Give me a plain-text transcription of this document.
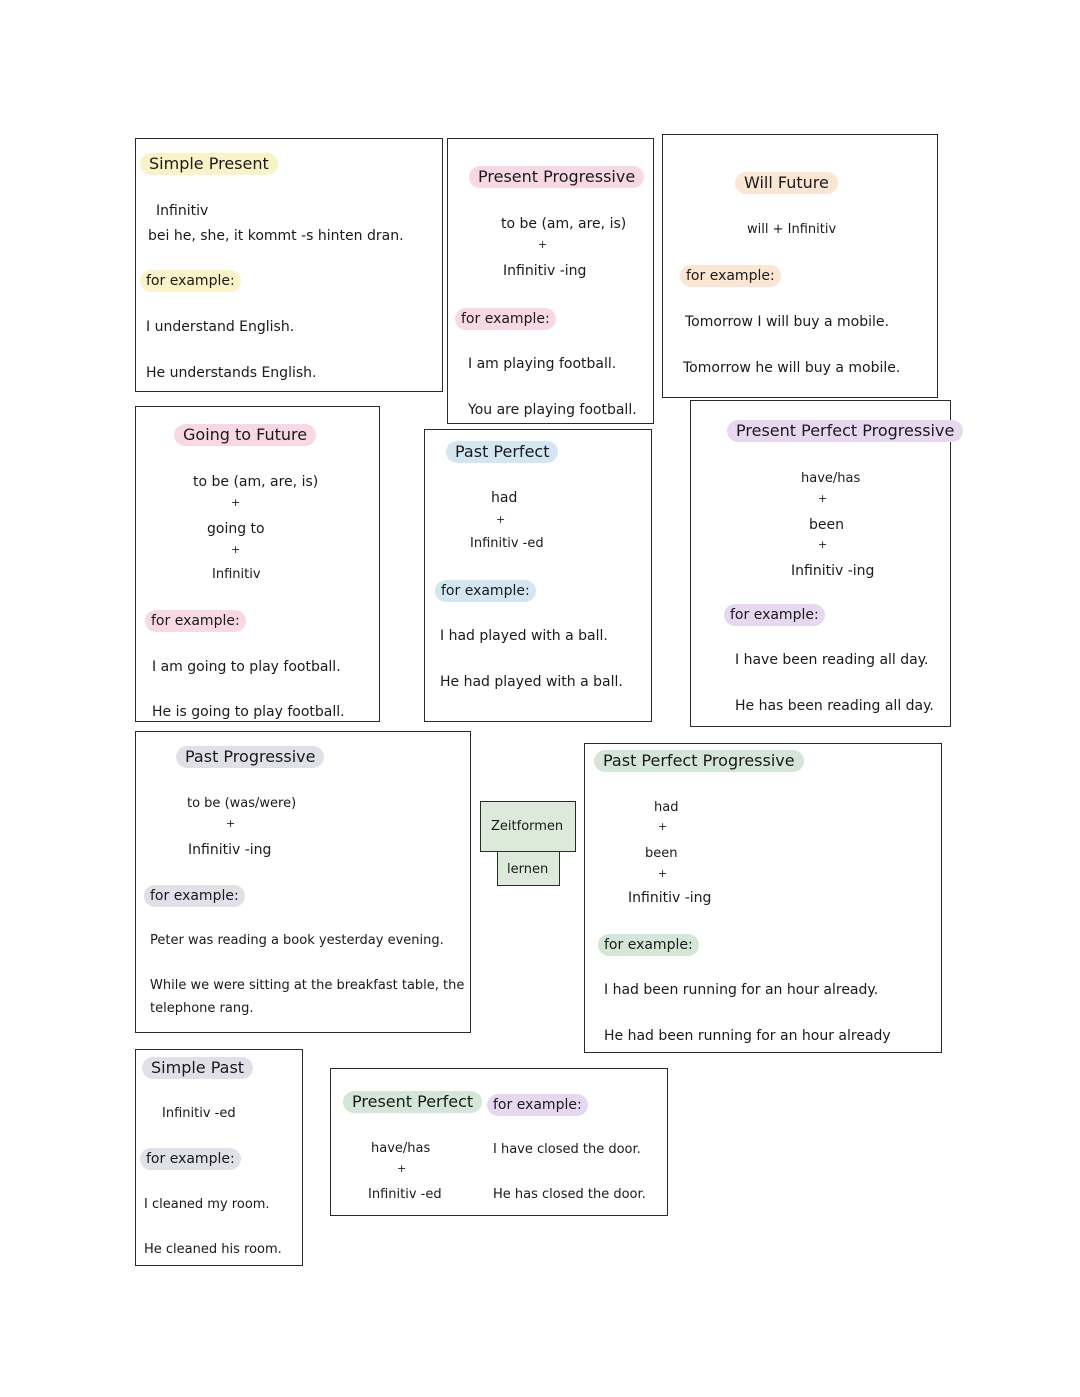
Simple Present
Infinitiv
bei he, she, it kommt -s hinten dran.
for example:
I understand English.
He understands English.
Present Progressive
to be (am, are, is)
+
Infinitiv -ing
for example:
I am playing football.
You are playing football.
Will Future
will + Infinitiv
for example:
Tomorrow I will buy a mobile.
Tomorrow he will buy a mobile.
Going to Future
to be (am, are, is)
+
going to
+
Infinitiv
for example:
I am going to play football.
He is going to play football.
Past Perfect
had
+
Infinitiv -ed
for example:
I had played with a ball.
He had played with a ball.
Present Perfect Progressive
have/has
+
been
+
Infinitiv -ing
for example:
I have been reading all day.
He has been reading all day.
Past Progressive
to be (was/were)
+
Infinitiv -ing
for example:
Peter was reading a book yesterday evening.
While we were sitting at the breakfast table, the
telephone rang.
Zeitformen
lernen
Past Perfect Progressive
had
+
been
+
Infinitiv -ing
for example:
I had been running for an hour already.
He had been running for an hour already
Simple Past
Infinitiv -ed
for example:
I cleaned my room.
He cleaned his room.
Present Perfect
have/has
+
Infinitiv -ed
for example:
I have closed the door.
He has closed the door.
